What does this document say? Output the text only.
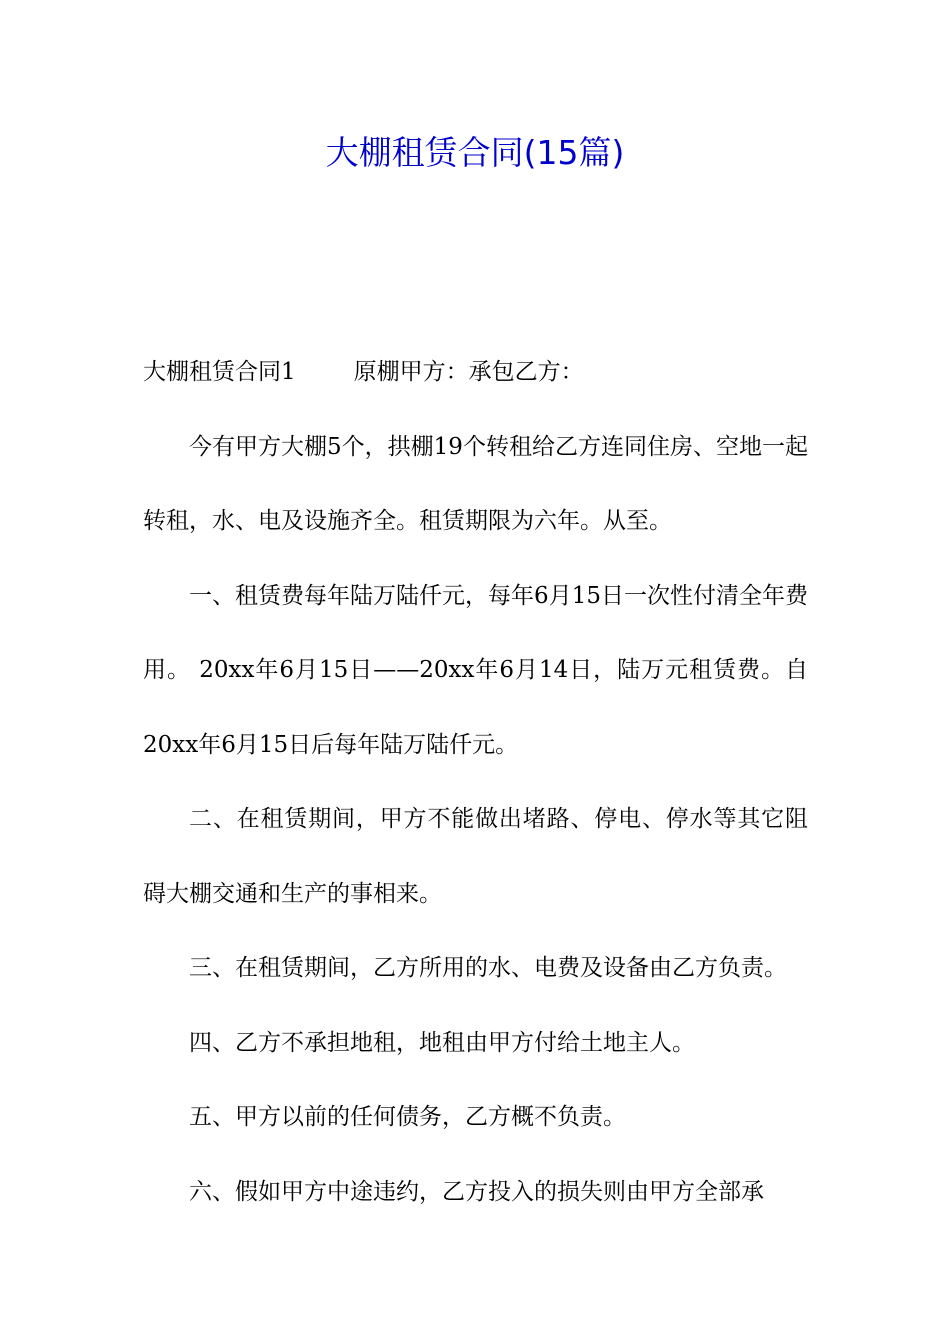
大棚租赁合同(15篇)

大棚租赁合同1	原棚甲方：承包乙方：

今有甲方大棚5个，拱棚19个转租给乙方连同住房、空地一起转租，水、电及设施齐全。租赁期限为六年。从至。

一、租赁费每年陆万陆仟元，每年6月15日一次性付清全年费用。 20xx年6月15日——20xx年6月14日，陆万元租赁费。自20xx年6月15日后每年陆万陆仟元。

二、在租赁期间，甲方不能做出堵路、停电、停水等其它阻碍大棚交通和生产的事相来。

三、在租赁期间，乙方所用的水、电费及设备由乙方负责。

四、乙方不承担地租，地租由甲方付给土地主人。

五、甲方以前的任何债务，乙方概不负责。

六、假如甲方中途违约，乙方投入的损失则由甲方全部承
